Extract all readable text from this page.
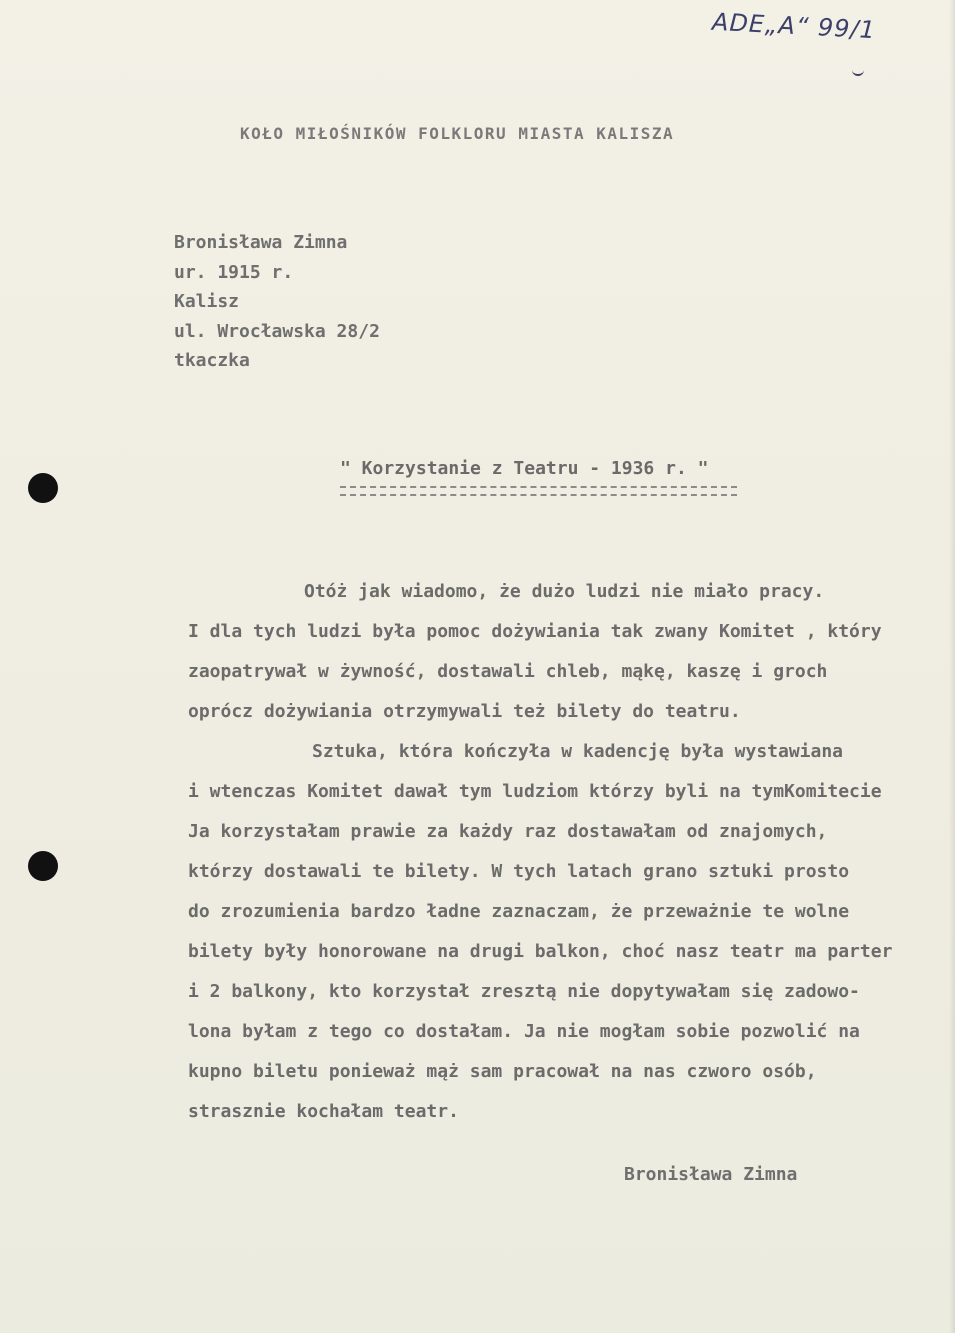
ADE„A“ 99/1
KOŁO MIŁOŚNIKÓW FOLKLORU MIASTA KALISZA
Bronisława Zimna
ur. 1915 r.
Kalisz
ul. Wrocławska 28/2
tkaczka
" Korzystanie z Teatru - 1936 r. "
Otóż jak wiadomo, że dużo ludzi nie miało pracy.
I dla tych ludzi była pomoc dożywiania tak zwany Komitet , który
zaopatrywał w żywność, dostawali chleb, mąkę, kaszę i groch
oprócz dożywiania otrzymywali też bilety do teatru.
Sztuka, która kończyła w kadencję była wystawiana
i wtenczas Komitet dawał tym ludziom którzy byli na tymKomitecie
Ja korzystałam prawie za każdy raz dostawałam od znajomych,
którzy dostawali te bilety. W tych latach grano sztuki prosto
do zrozumienia bardzo ładne zaznaczam, że przeważnie te wolne
bilety były honorowane na drugi balkon, choć nasz teatr ma parter
i 2 balkony, kto korzystał zresztą nie dopytywałam się zadowo-
lona byłam z tego co dostałam. Ja nie mogłam sobie pozwolić na
kupno biletu ponieważ mąż sam pracował na nas czworo osób,
strasznie kochałam teatr.
Bronisława Zimna
